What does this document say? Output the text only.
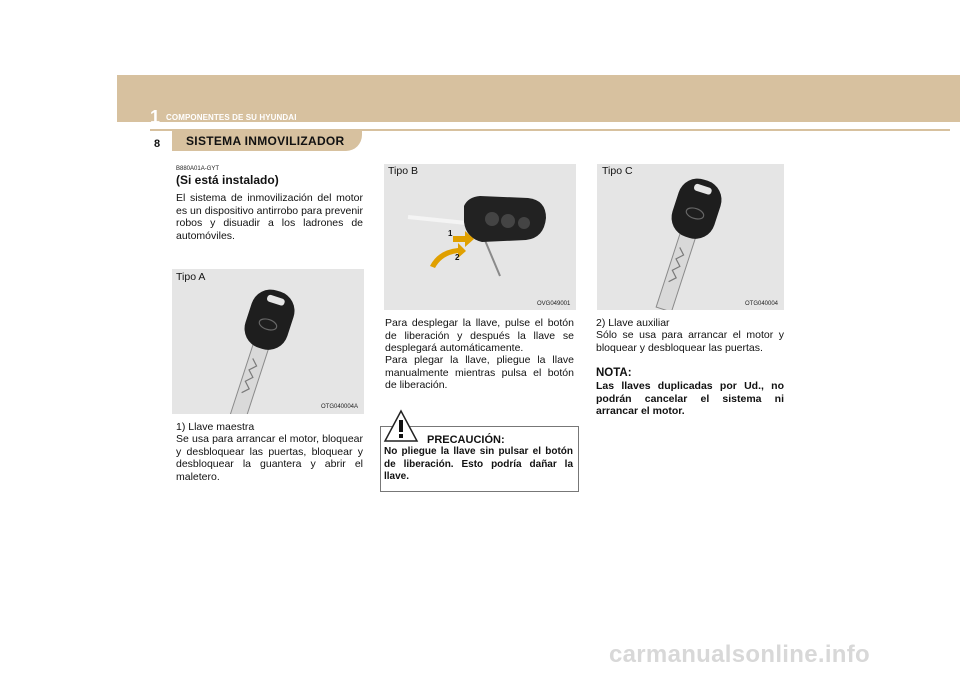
1 COMPONENTES DE SU HYUNDAI
8 SISTEMA INMOVILIZADOR
B880A01A-GYT
(Si está instalado)
El sistema de inmovilización del motor es un dispositivo antirrobo para prevenir robos y disuadir a los ladrones de automóviles.
Tipo A
OTG040004A
1) Llave maestra
Se usa para arrancar el motor, bloquear y desbloquear las puertas, bloquear y desbloquear la guantera y abrir el maletero.
Tipo B
1
2
OVG049001
Para desplegar la llave, pulse el botón de liberación y después la llave se desplegará automáticamente.
Para plegar la llave, pliegue la llave manualmente mientras pulsa el botón de liberación.
PRECAUCIÓN:
No pliegue la llave sin pulsar el botón de liberación. Esto podría dañar la llave.
Tipo C
OTG040004
2) Llave auxiliar
Sólo se usa para arrancar el motor y bloquear y desbloquear las puertas.
NOTA:
Las llaves duplicadas por Ud., no podrán cancelar el sistema ni arrancar el motor.
carmanualsonline.info
